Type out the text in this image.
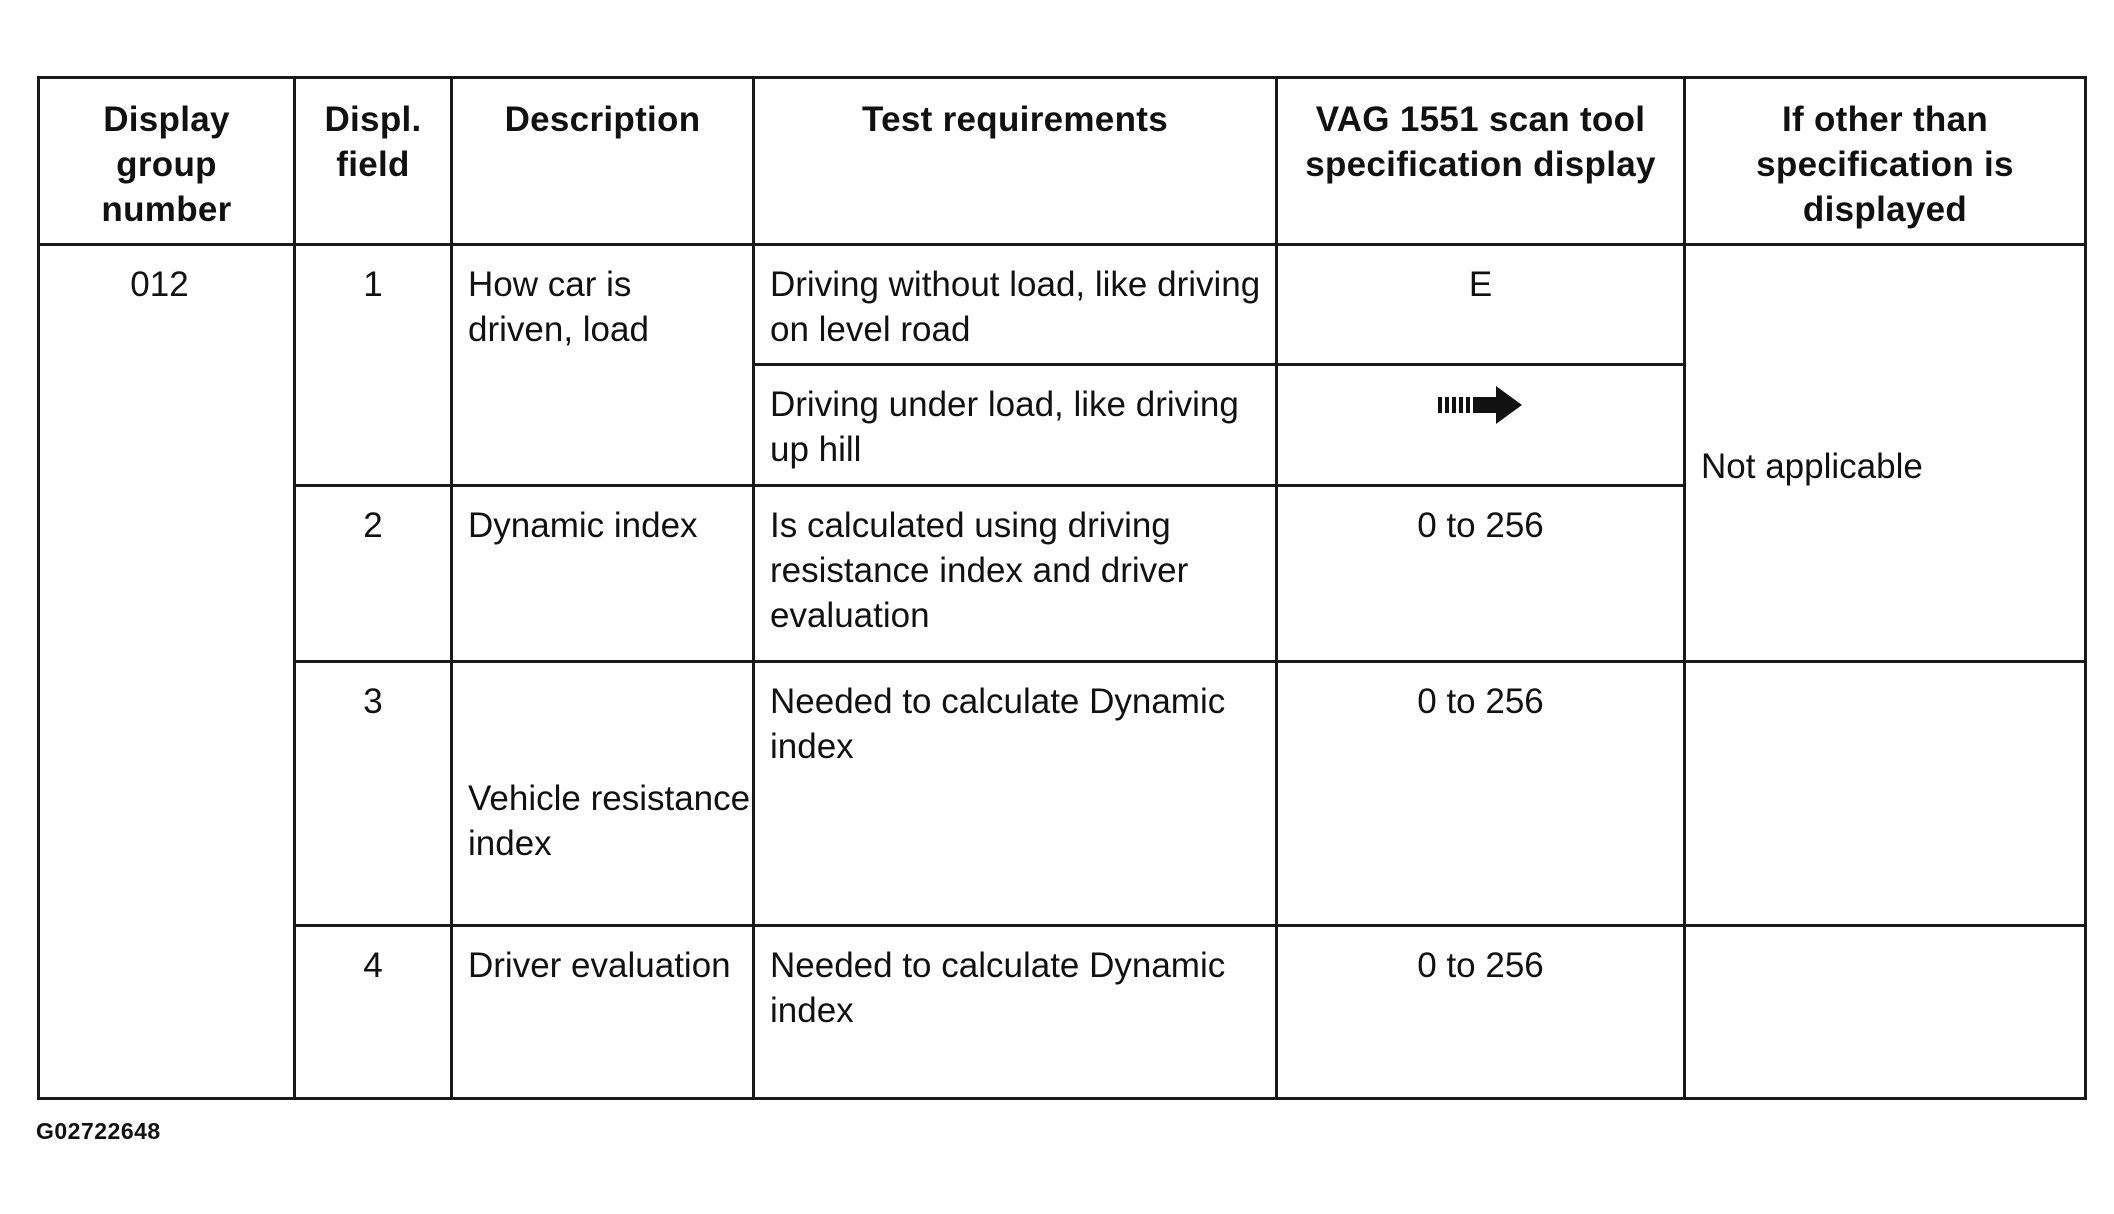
Display group number	Displ. field	Description	Test requirements	VAG 1551 scan tool specification display	If other than specification is displayed
012	1	How car is driven, load	Driving without load, like driving on level road	E	Not applicable
			Driving under load, like driving up hill	

	2	Dynamic index	Is calculated using driving resistance index and driver evaluation	0 to 256	
	3	Vehicle resistance index	Needed to calculate Dynamic index	0 to 256	
	4	Driver evaluation	Needed to calculate Dynamic index	0 to 256	
G02722648
